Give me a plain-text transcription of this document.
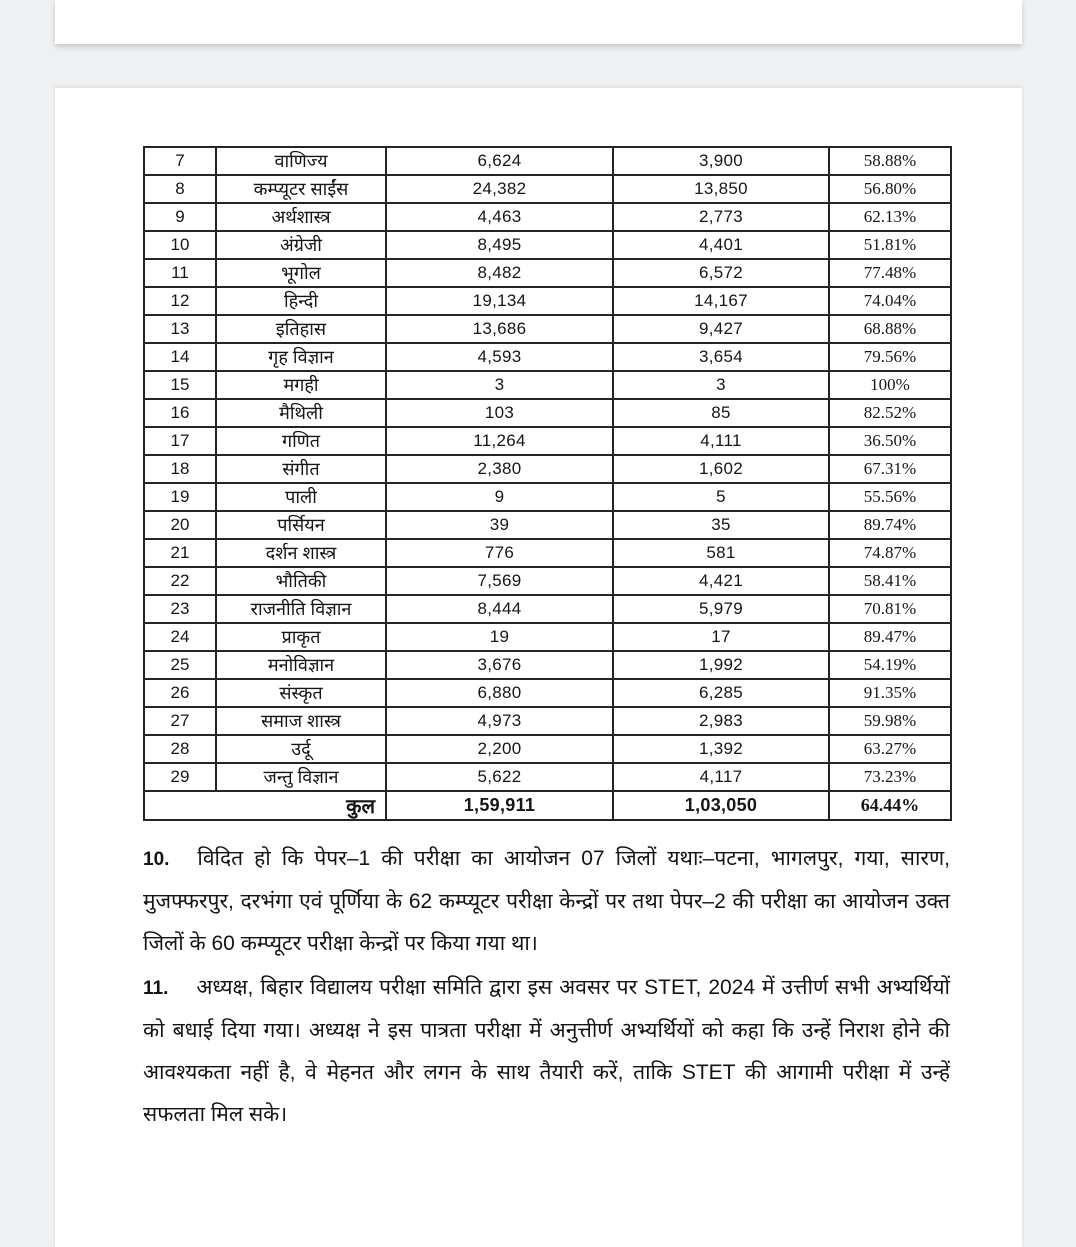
7	वाणिज्य	6,624	3,900	58.88%
8	कम्प्यूटर साईंस	24,382	13,850	56.80%
9	अर्थशास्त्र	4,463	2,773	62.13%
10	अंग्रेजी	8,495	4,401	51.81%
11	भूगोल	8,482	6,572	77.48%
12	हिन्दी	19,134	14,167	74.04%
13	इतिहास	13,686	9,427	68.88%
14	गृह विज्ञान	4,593	3,654	79.56%
15	मगही	3	3	100%
16	मैथिली	103	85	82.52%
17	गणित	11,264	4,111	36.50%
18	संगीत	2,380	1,602	67.31%
19	पाली	9	5	55.56%
20	पर्सियन	39	35	89.74%
21	दर्शन शास्त्र	776	581	74.87%
22	भौतिकी	7,569	4,421	58.41%
23	राजनीति विज्ञान	8,444	5,979	70.81%
24	प्राकृत	19	17	89.47%
25	मनोविज्ञान	3,676	1,992	54.19%
26	संस्कृत	6,880	6,285	91.35%
27	समाज शास्त्र	4,973	2,983	59.98%
28	उर्दू	2,200	1,392	63.27%
29	जन्तु विज्ञान	5,622	4,117	73.23%
कुल		1,59,911	1,03,050	64.44%

10. विदित हो कि पेपर–1 की परीक्षा का आयोजन 07 जिलों यथाः–पटना, भागलपुर, गया, सारण, मुजफ्फरपुर, दरभंगा एवं पूर्णिया के 62 कम्प्यूटर परीक्षा केन्द्रों पर तथा पेपर–2 की परीक्षा का आयोजन उक्त जिलों के 60 कम्प्यूटर परीक्षा केन्द्रों पर किया गया था।

11. अध्यक्ष, बिहार विद्यालय परीक्षा समिति द्वारा इस अवसर पर STET, 2024 में उत्तीर्ण सभी अभ्यर्थियों को बधाई दिया गया। अध्यक्ष ने इस पात्रता परीक्षा में अनुत्तीर्ण अभ्यर्थियों को कहा कि उन्हें निराश होने की आवश्यकता नहीं है, वे मेहनत और लगन के साथ तैयारी करें, ताकि STET की आगामी परीक्षा में उन्हें सफलता मिल सके।
